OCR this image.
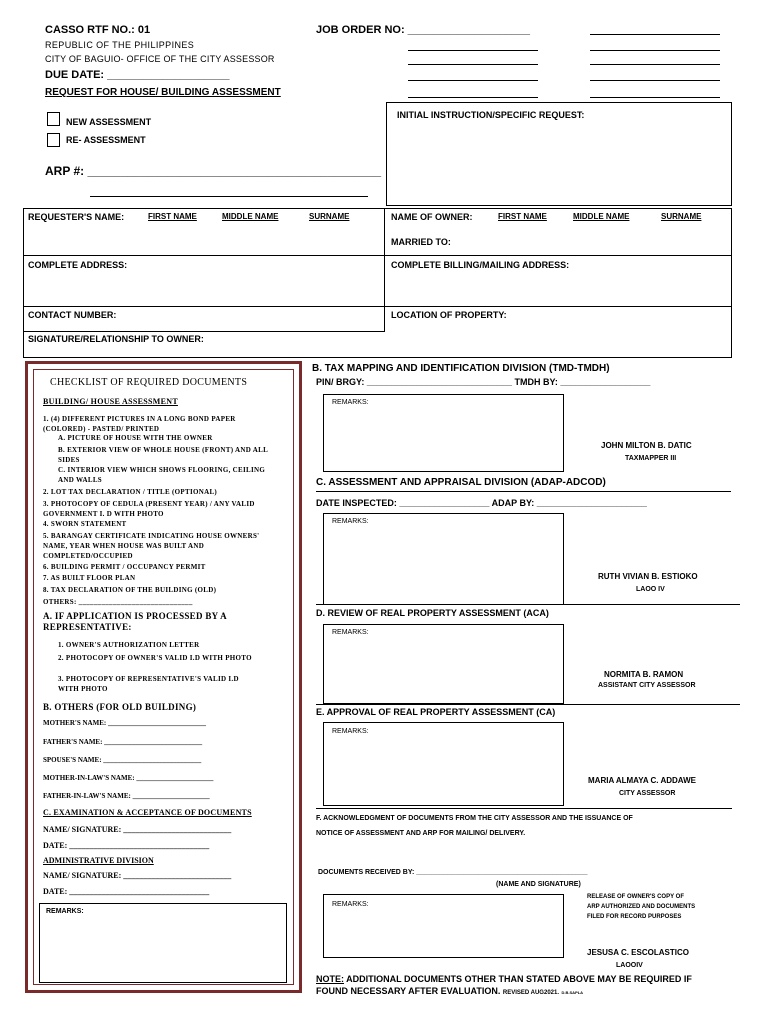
CASSO RTF NO.: 01	JOB ORDER NO: ____________________
REPUBLIC OF THE PHILIPPINES
CITY OF BAGUIO- OFFICE OF THE CITY ASSESSOR
DUE DATE: ____________________
REQUEST FOR HOUSE/ BUILDING ASSESSMENT
NEW ASSESSMENT
RE- ASSESSMENT
ARP #: ____________________________________________
INITIAL INSTRUCTION/SPECIFIC REQUEST:
REQUESTER'S NAME:	FIRST NAME	MIDDLE NAME	SURNAME	NAME OF OWNER:	FIRST NAME	MIDDLE NAME	SURNAME
MARRIED TO:
COMPLETE ADDRESS:	COMPLETE BILLING/MAILING ADDRESS:
CONTACT NUMBER:	LOCATION OF PROPERTY:
SIGNATURE/RELATIONSHIP TO OWNER:
CHECKLIST OF REQUIRED DOCUMENTS
BUILDING/ HOUSE ASSESSMENT
1. (4) DIFFERENT PICTURES IN A LONG BOND PAPER (COLORED) - PASTED/ PRINTED
A. PICTURE OF HOUSE WITH THE OWNER
B. EXTERIOR VIEW OF WHOLE HOUSE (FRONT) AND ALL SIDES
C. INTERIOR VIEW WHICH SHOWS FLOORING, CEILING AND WALLS
2. LOT TAX DECLARATION / TITLE (OPTIONAL)
3. PHOTOCOPY OF CEDULA (PRESENT YEAR) / ANY VALID GOVERNMENT I. D WITH PHOTO
4. SWORN STATEMENT
5. BARANGAY CERTIFICATE INDICATING HOUSE OWNERS' NAME, YEAR WHEN HOUSE WAS BUILT AND COMPLETED/OCCUPIED
6. BUILDING PERMIT / OCCUPANCY PERMIT
7. AS BUILT FLOOR PLAN
8. TAX DECLARATION OF THE BUILDING (OLD)
OTHERS: ______________________________
A. IF APPLICATION IS PROCESSED BY A REPRESENTATIVE:
1. OWNER'S AUTHORIZATION LETTER
2. PHOTOCOPY OF OWNER'S VALID I.D WITH PHOTO
3. PHOTOCOPY OF REPRESENTATIVE'S VALID I.D WITH PHOTO
B. OTHERS (FOR OLD BUILDING)
MOTHER'S NAME: ____________________________
FATHER'S NAME: ____________________________
SPOUSE'S NAME: ____________________________
MOTHER-IN-LAW'S NAME: ______________________
FATHER-IN-LAW'S NAME: ______________________
C. EXAMINATION & ACCEPTANCE OF DOCUMENTS
NAME/ SIGNATURE: ___________________________
DATE: ___________________________________
ADMINISTRATIVE DIVISION
NAME/ SIGNATURE: ___________________________
DATE: ___________________________________
REMARKS:
B. TAX MAPPING AND IDENTIFICATION DIVISION (TMD-TMDH)
PIN/ BRGY: _____________________________ TMDH BY: __________________
REMARKS:
JOHN MILTON B. DATIC
TAXMAPPER III
C. ASSESSMENT AND APPRAISAL DIVISION (ADAP-ADCOD)
DATE INSPECTED: __________________ ADAP BY: ______________________
REMARKS:
RUTH VIVIAN B. ESTIOKO
LAOO IV
D. REVIEW OF REAL PROPERTY ASSESSMENT (ACA)
REMARKS:
NORMITA B. RAMON
ASSISTANT CITY ASSESSOR
E. APPROVAL OF REAL PROPERTY ASSESSMENT (CA)
REMARKS:
MARIA ALMAYA C. ADDAWE
CITY ASSESSOR
F. ACKNOWLEDGMENT OF DOCUMENTS FROM THE CITY ASSESSOR AND THE ISSUANCE OF
NOTICE OF ASSESSMENT AND ARP FOR MAILING/ DELIVERY.
DOCUMENTS RECEIVED BY: ____________________________________________
(NAME AND SIGNATURE)
REMARKS:
RELEASE OF OWNER'S COPY OF
ARP AUTHORIZED AND DOCUMENTS
FILED FOR RECORD PURPOSES
JESUSA C. ESCOLASTICO
LAOOIV
NOTE: ADDITIONAL DOCUMENTS OTHER THAN STATED ABOVE MAY BE REQUIRED IF
FOUND NECESSARY AFTER EVALUATION. REVISED AUG2021. D.B.SAPLA
